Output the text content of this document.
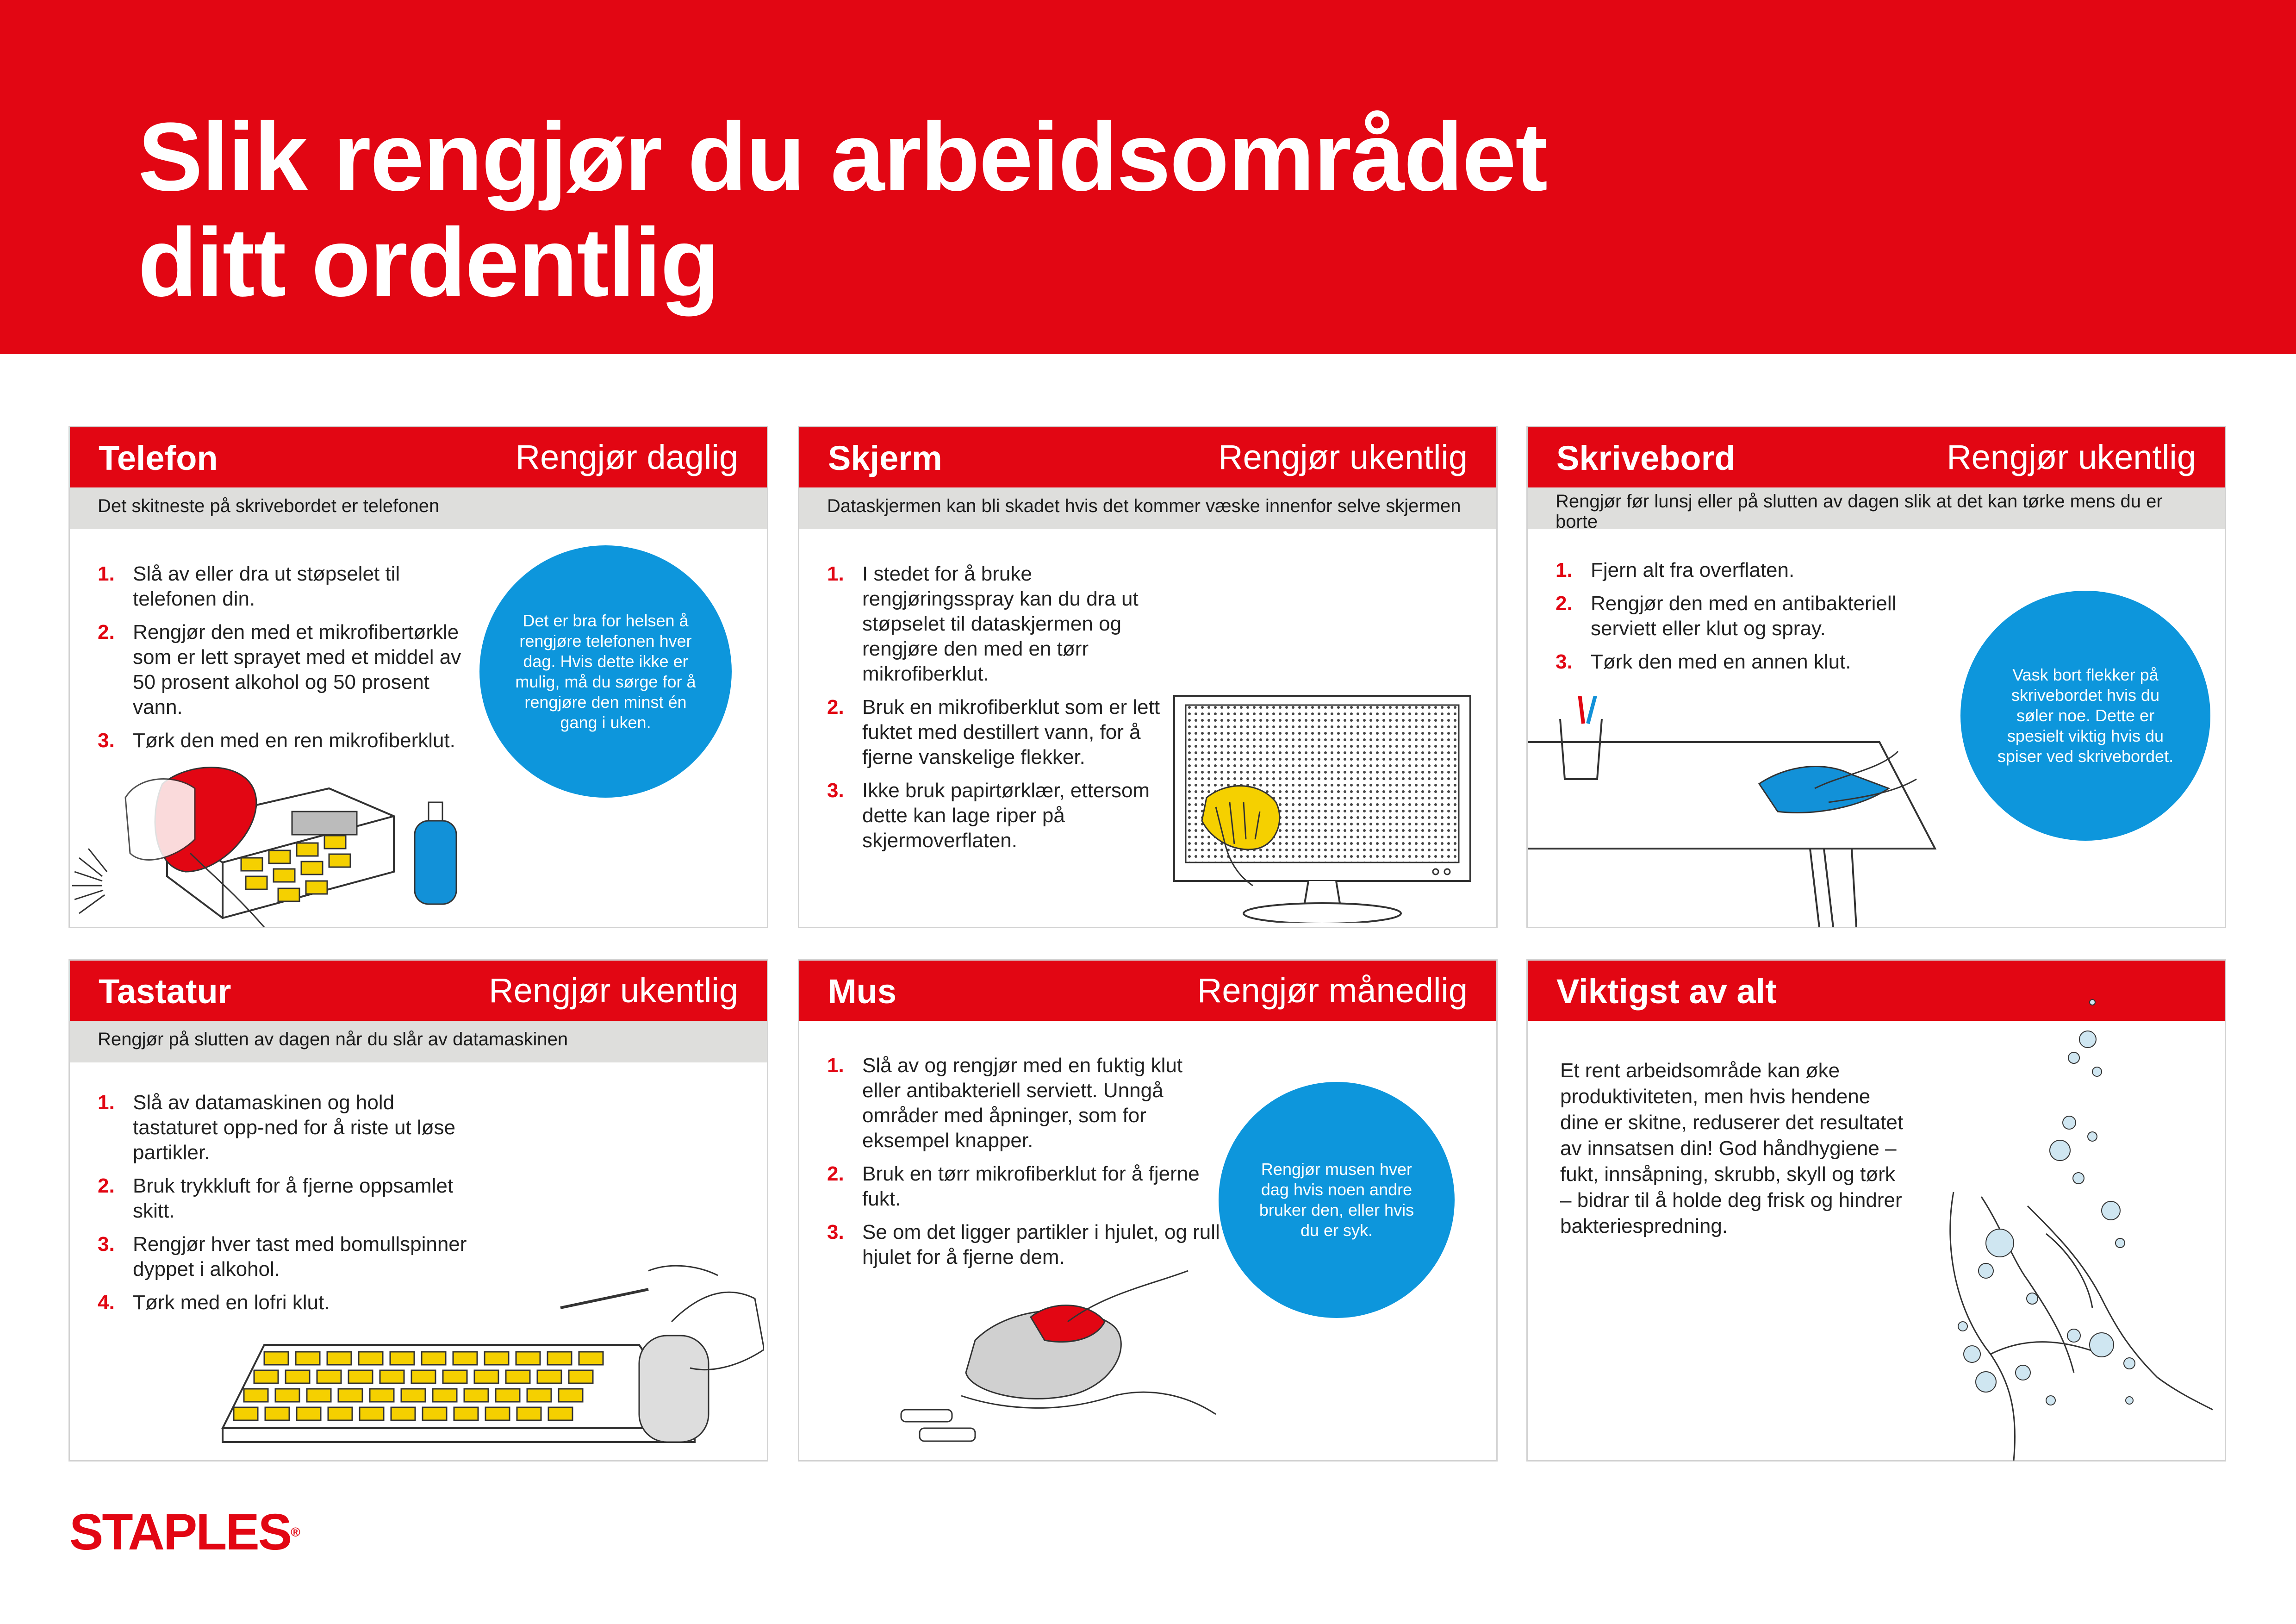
Slik rengjør du arbeidsområdet
ditt ordentlig
Telefon	Rengjør daglig
Det skitneste på skrivebordet er telefonen
1. Slå av eller dra ut støpselet til telefonen din.
2. Rengjør den med et mikrofibertørkle som er lett sprayet med et middel av 50 prosent alkohol og 50 prosent vann.
3. Tørk den med en ren mikrofiberklut.
Det er bra for helsen å rengjøre telefonen hver dag. Hvis dette ikke er mulig, må du sørge for å rengjøre den minst én gang i uken.
Skjerm	Rengjør ukentlig
Dataskjermen kan bli skadet hvis det kommer væske innenfor selve skjermen
1. I stedet for å bruke rengjøringsspray kan du dra ut støpselet til dataskjermen og rengjøre den med en tørr mikrofiberklut.
2. Bruk en mikrofiberklut som er lett fuktet med destillert vann, for å fjerne vanskelige flekker.
3. Ikke bruk papirtørklær, ettersom dette kan lage riper på skjermoverflaten.
Skrivebord	Rengjør ukentlig
Rengjør før lunsj eller på slutten av dagen slik at det kan tørke mens du er borte
1. Fjern alt fra overflaten.
2. Rengjør den med en antibakteriell serviett eller klut og spray.
3. Tørk den med en annen klut.
Vask bort flekker på skrivebordet hvis du søler noe. Dette er spesielt viktig hvis du spiser ved skrivebordet.
Tastatur	Rengjør ukentlig
Rengjør på slutten av dagen når du slår av datamaskinen
1. Slå av datamaskinen og hold tastaturet opp-ned for å riste ut løse partikler.
2. Bruk trykkluft for å fjerne oppsamlet skitt.
3. Rengjør hver tast med bomullspinner dyppet i alkohol.
4. Tørk med en lofri klut.
Mus	Rengjør månedlig
1. Slå av og rengjør med en fuktig klut eller antibakteriell serviett. Unngå områder med åpninger, som for eksempel knapper.
2. Bruk en tørr mikrofiberklut for å fjerne fukt.
3. Se om det ligger partikler i hjulet, og rull hjulet for å fjerne dem.
Rengjør musen hver dag hvis noen andre bruker den, eller hvis du er syk.
Viktigst av alt
Et rent arbeidsområde kan øke produktiviteten, men hvis hendene dine er skitne, reduserer det resultatet av innsatsen din! God håndhygiene – fukt, innsåpning, skrubb, skyll og tørk – bidrar til å holde deg frisk og hindrer bakteriespredning.
STAPLES®
